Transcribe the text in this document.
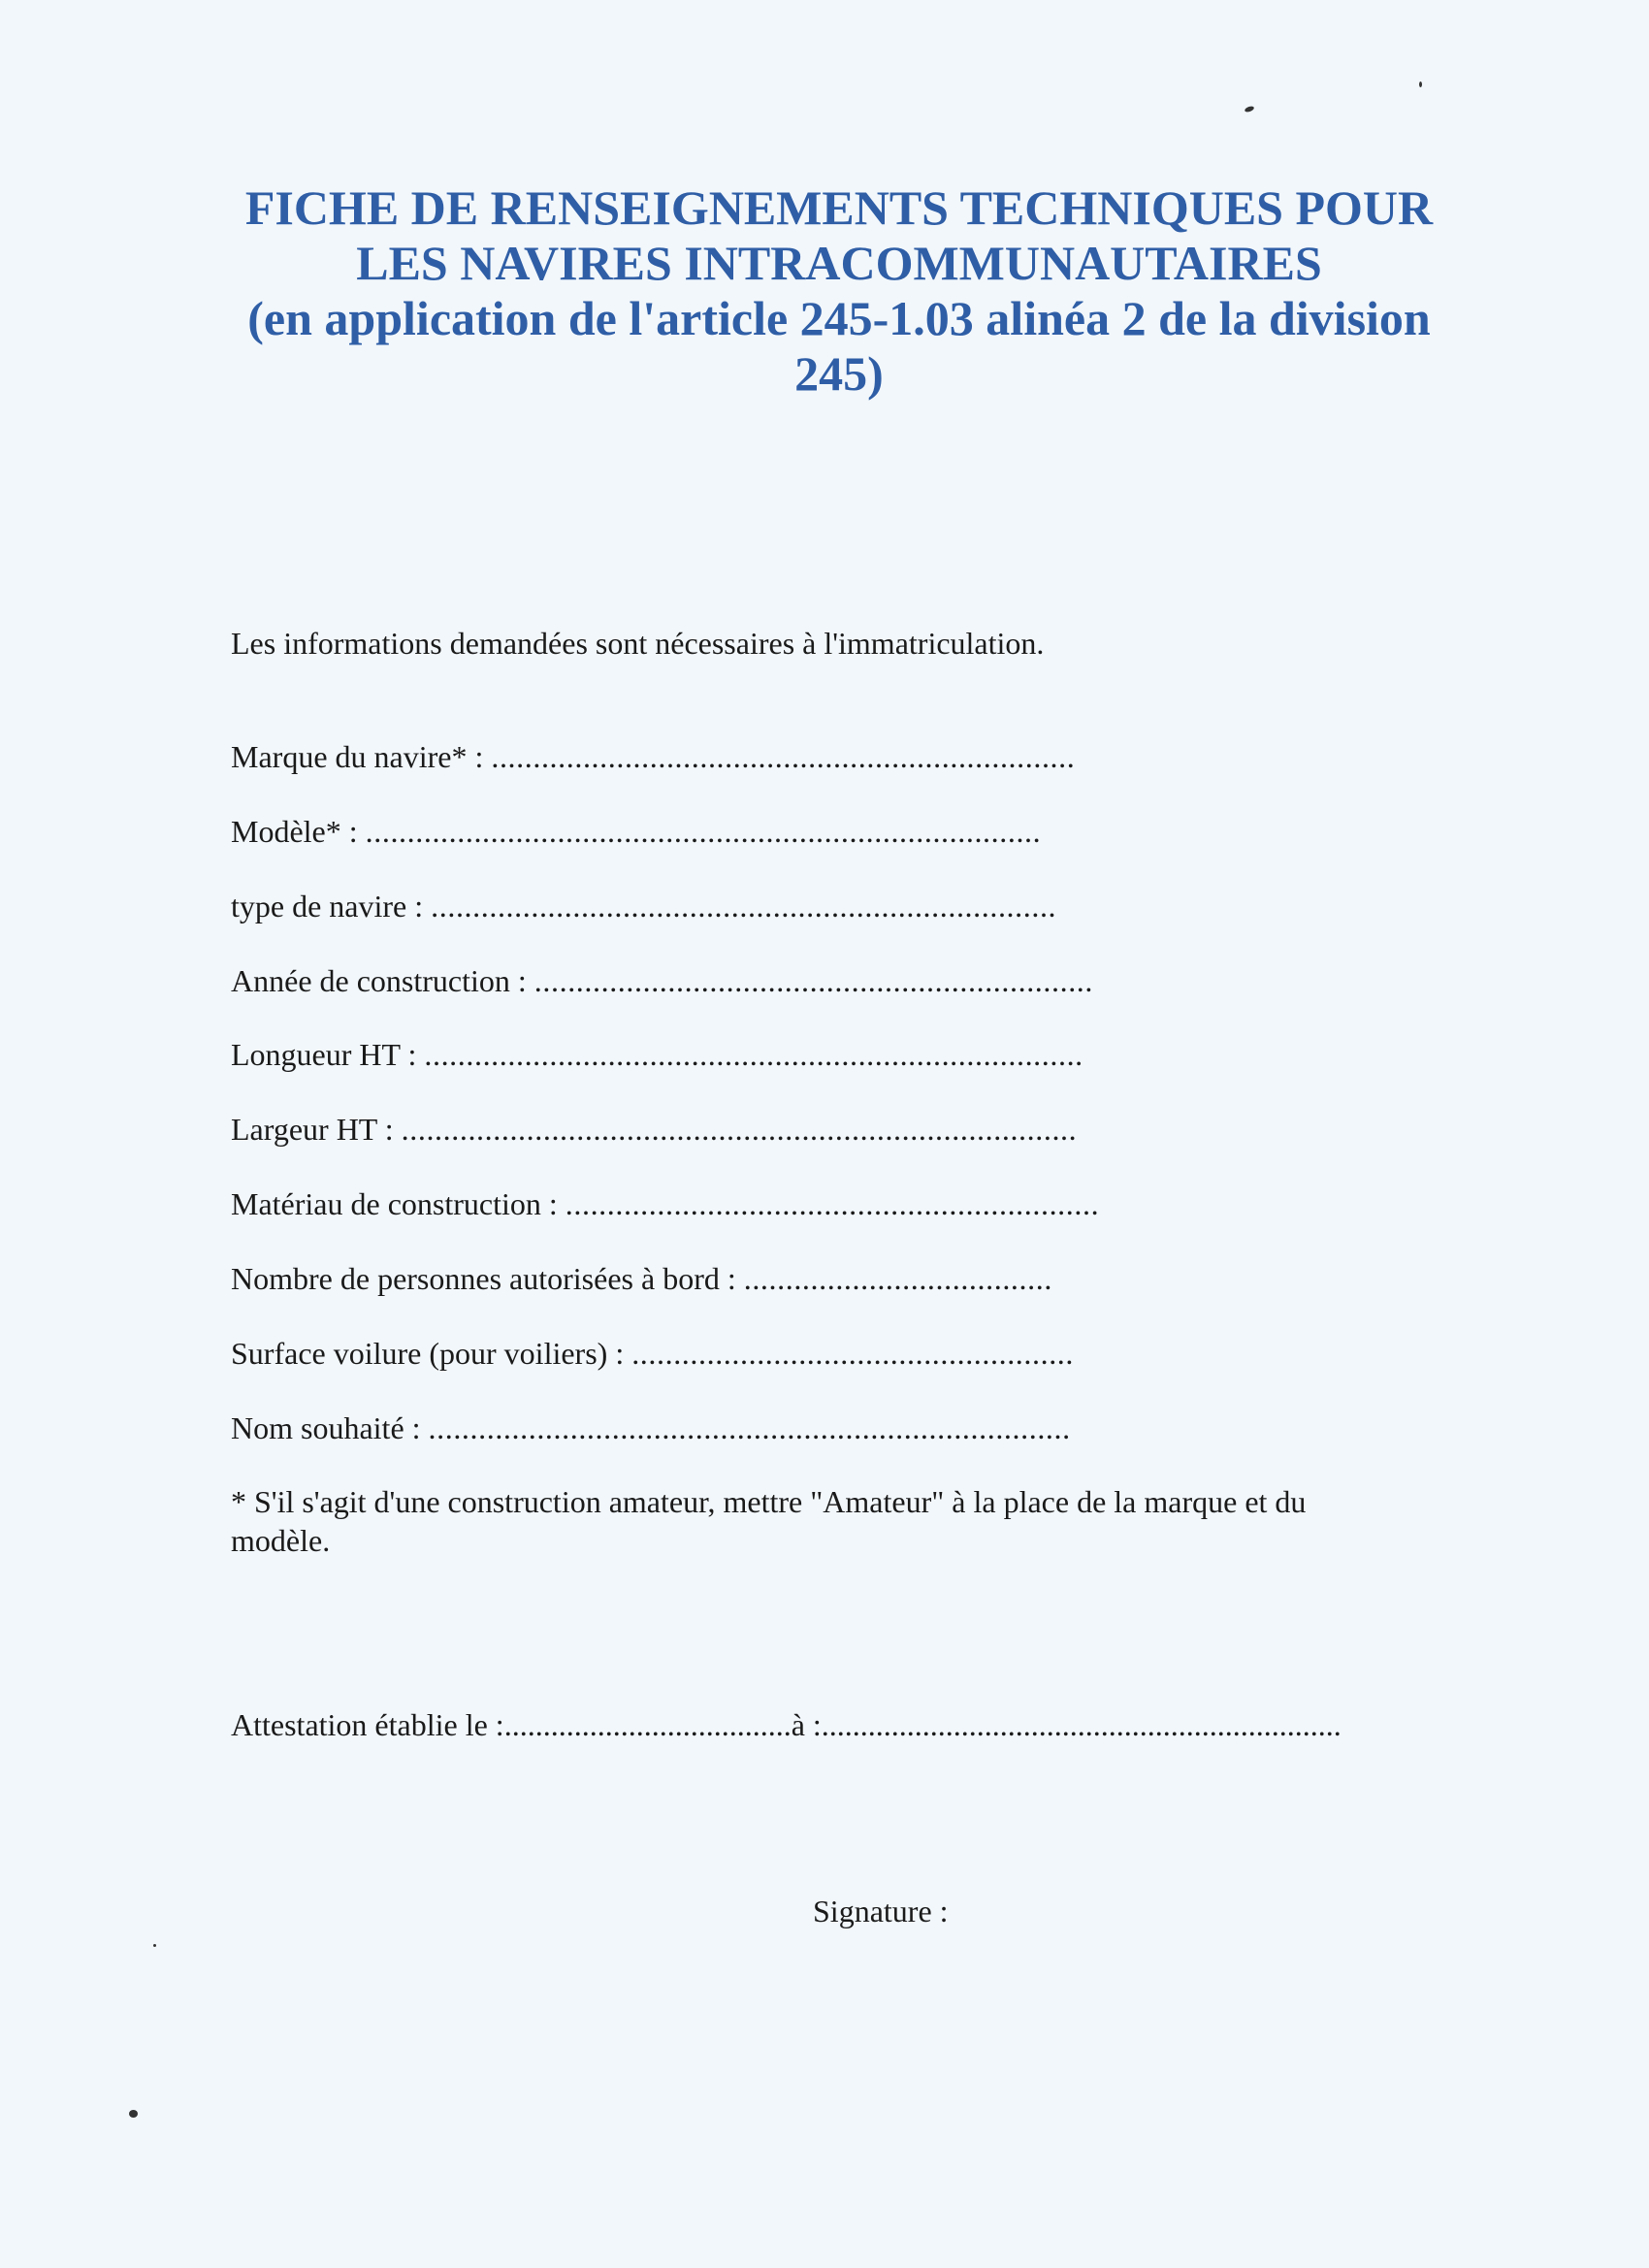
FICHE DE RENSEIGNEMENTS TECHNIQUES POUR
LES NAVIRES INTRACOMMUNAUTAIRES
(en application de l'article 245-1.03 alinéa 2 de la division
245)
Les informations demandées sont nécessaires à l'immatriculation.
Marque du navire* : ......................................................................
Modèle* : .................................................................................
type de navire : ...........................................................................
Année de construction : ...................................................................
Longueur HT : ...............................................................................
Largeur HT : .................................................................................
Matériau de construction : ................................................................
Nombre de personnes autorisées à bord : .....................................
Surface voilure (pour voiliers) : .....................................................
Nom souhaité : .............................................................................
* S'il s'agit d'une construction amateur, mettre "Amateur" à la place de la marque et du modèle.
Attestation établie le :.....................................à :...................................................................
Signature :
